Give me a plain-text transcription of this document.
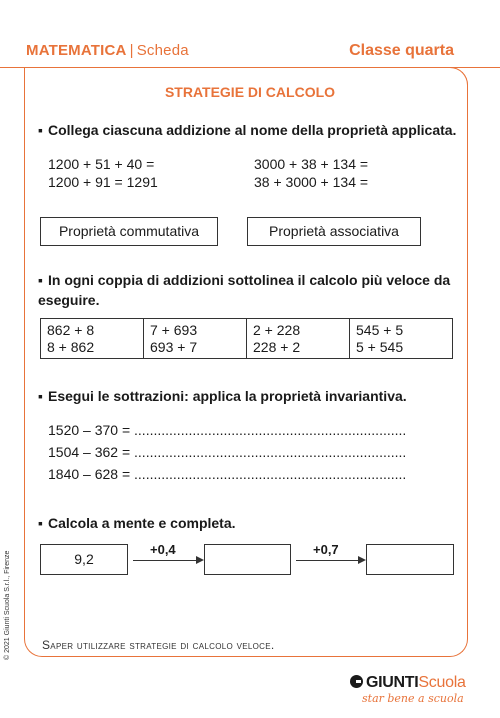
MATEMATICA | Scheda	Classe quarta
STRATEGIE DI CALCOLO
▪ Collega ciascuna addizione al nome della proprietà applicata.
1200 + 51 + 40 =
1200 + 91 = 1291
3000 + 38 + 134 =
38 + 3000 + 134 =
Proprietà commutativa	Proprietà associativa
▪ In ogni coppia di addizioni sottolinea il calcolo più veloce da eseguire.
862 + 8
8 + 862

7 + 693
693 + 7

2 + 228
228 + 2

545 + 5
5 + 545
▪ Esegui le sottrazioni: applica la proprietà invariantiva.
1520 – 370 = ......................................................................
1504 – 362 = ......................................................................
1840 – 628 = ......................................................................
▪ Calcola a mente e completa.
9,2
+0,4	+0,7
Saper utilizzare strategie di calcolo veloce.
© 2021 Giunti Scuola S.r.l., Firenze
GIUNTIScuola
star bene a scuola
